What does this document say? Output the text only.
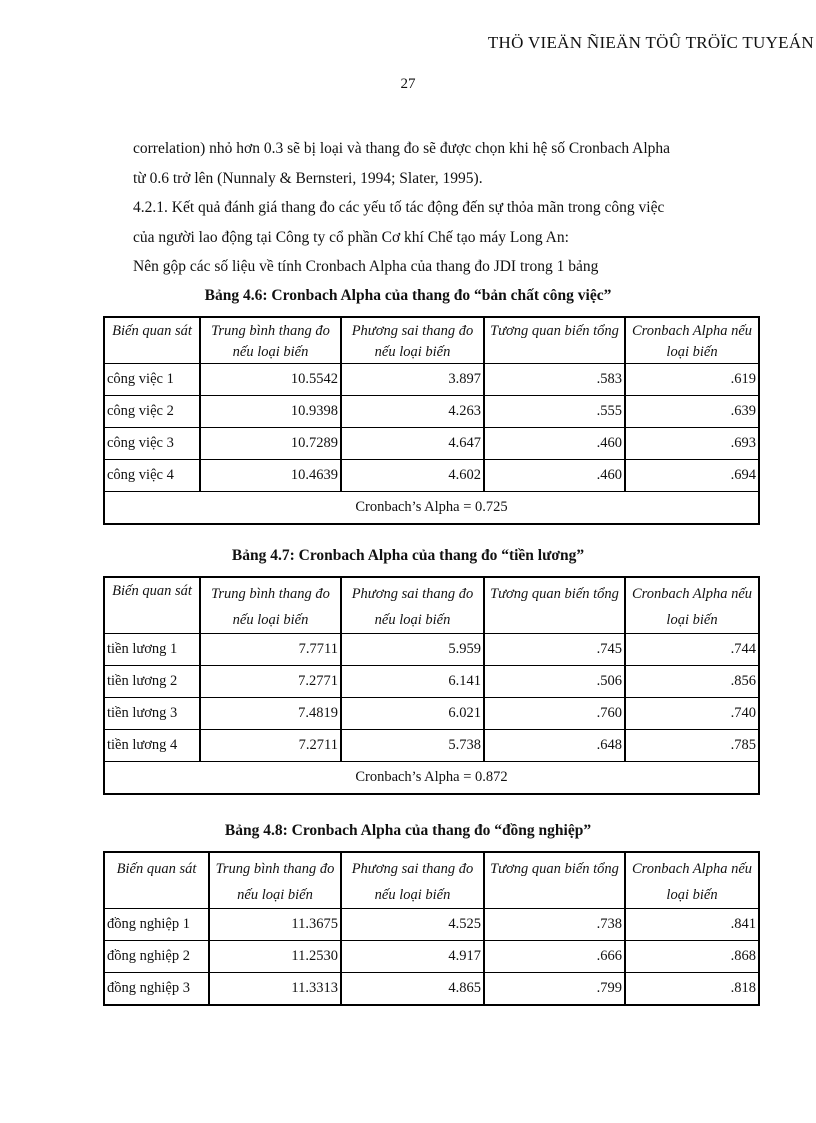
THÖ VIEÄN ÑIEÄN TÖÛ TRÖÏC TUYEÁN
27

correlation) nhỏ hơn 0.3 sẽ bị loại và thang đo sẽ được chọn khi hệ số Cronbach Alpha

từ 0.6 trở lên (Nunnaly & Bernsteri, 1994; Slater, 1995).

4.2.1. Kết quả đánh giá thang đo các yếu tố tác động đến sự thỏa mãn trong công việc

của người lao động tại Công ty cổ phần Cơ khí Chế tạo máy Long An:

Nên gộp các số liệu về tính Cronbach Alpha của thang đo JDI trong 1 bảng

Bảng 4.6: Cronbach Alpha của thang đo “bản chất công việc”
Biến quan sát	Trung bình thang đo nếu loại biến	Phương sai thang đo nếu loại biến	Tương quan biến tổng	Cronbach Alpha nếu loại biến
công việc 1	10.5542	3.897	.583	.619
công việc 2	10.9398	4.263	.555	.639
công việc 3	10.7289	4.647	.460	.693
công việc 4	10.4639	4.602	.460	.694
Cronbach’s Alpha = 0.725				
Bảng 4.7: Cronbach Alpha của thang đo “tiền lương”
Biến quan sát	Trung bình thang đo nếu loại biến	Phương sai thang đo nếu loại biến	Tương quan biến tổng	Cronbach Alpha nếu loại biến
tiền lương 1	7.7711	5.959	.745	.744
tiền lương 2	7.2771	6.141	.506	.856
tiền lương 3	7.4819	6.021	.760	.740
tiền lương 4	7.2711	5.738	.648	.785
Cronbach’s Alpha = 0.872				
Bảng 4.8: Cronbach Alpha của thang đo “đồng nghiệp”
Biến quan sát	Trung bình thang đo nếu loại biến	Phương sai thang đo nếu loại biến	Tương quan biến tổng	Cronbach Alpha nếu loại biến
đồng nghiệp 1	11.3675	4.525	.738	.841
đồng nghiệp 2	11.2530	4.917	.666	.868
đồng nghiệp 3	11.3313	4.865	.799	.818
